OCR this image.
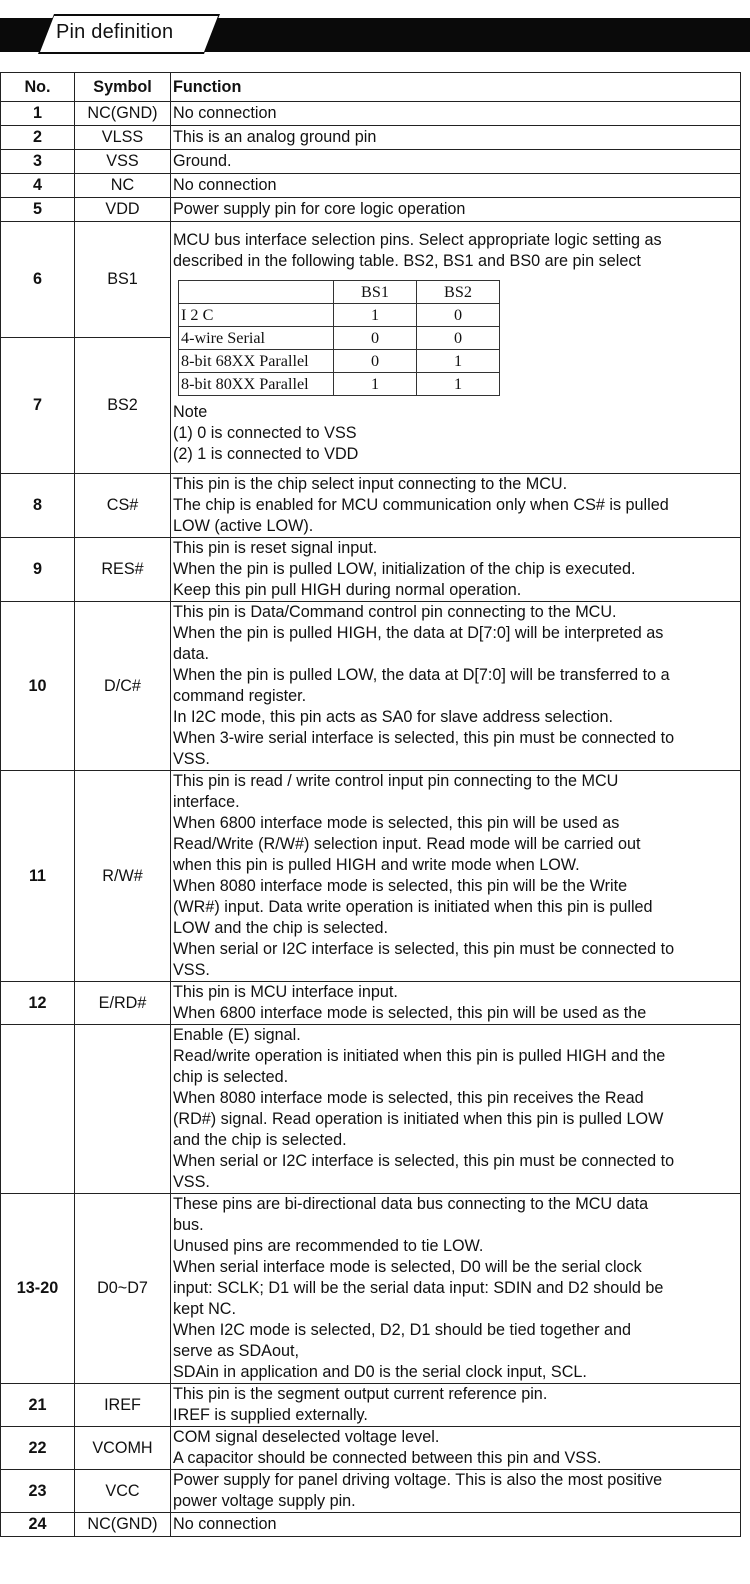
Pin definition
No.	Symbol	Function
1	NC(GND)	No connection

2	VLSS	This is an analog ground pin

3	VSS	Ground.

4	NC	No connection

5	VDD	Power supply pin for core logic operation

6	BS1	
MCU bus interface selection pins. Select appropriate logic setting as
described in the following table. BS2, BS1 and BS0 are pin select
	BS1	BS2
I 2 C	1	0
4-wire Serial	0	0
8-bit 68XX Parallel	0	1
8-bit 80XX Parallel	1	1
Note
(1) 0 is connected to VSS
(2) 1 is connected to VDD

7	BS2
8	CS#	
This pin is the chip select input connecting to the MCU.
The chip is enabled for MCU communication only when CS# is pulled
LOW (active LOW).

9	RES#	
This pin is reset signal input.
When the pin is pulled LOW, initialization of the chip is executed.
Keep this pin pull HIGH during normal operation.

10	D/C#	
This pin is Data/Command control pin connecting to the MCU.
When the pin is pulled HIGH, the data at D[7:0] will be interpreted as
data.
When the pin is pulled LOW, the data at D[7:0] will be transferred to a
command register.
In I2C mode, this pin acts as SA0 for slave address selection.
When 3-wire serial interface is selected, this pin must be connected to
VSS.

11	R/W#	
This pin is read / write control input pin connecting to the MCU
interface.
When 6800 interface mode is selected, this pin will be used as
Read/Write (R/W#) selection input. Read mode will be carried out
when this pin is pulled HIGH and write mode when LOW.
When 8080 interface mode is selected, this pin will be the Write
(WR#) input. Data write operation is initiated when this pin is pulled
LOW and the chip is selected.
When serial or I2C interface is selected, this pin must be connected to
VSS.

12	E/RD#	
This pin is MCU interface input.
When 6800 interface mode is selected, this pin will be used as the

Enable (E) signal.
Read/write operation is initiated when this pin is pulled HIGH and the
chip is selected.
When 8080 interface mode is selected, this pin receives the Read
(RD#) signal. Read operation is initiated when this pin is pulled LOW
and the chip is selected.
When serial or I2C interface is selected, this pin must be connected to
VSS.

13-20	D0~D7	
These pins are bi-directional data bus connecting to the MCU data
bus.
Unused pins are recommended to tie LOW.
When serial interface mode is selected, D0 will be the serial clock
input: SCLK; D1 will be the serial data input: SDIN and D2 should be
kept NC.
When I2C mode is selected, D2, D1 should be tied together and
serve as SDAout,
SDAin in application and D0 is the serial clock input, SCL.

21	IREF	
This pin is the segment output current reference pin.
IREF is supplied externally.

22	VCOMH	
COM signal deselected voltage level.
A capacitor should be connected between this pin and VSS.

23	VCC	
Power supply for panel driving voltage. This is also the most positive
power voltage supply pin.

24	NC(GND)	No connection
